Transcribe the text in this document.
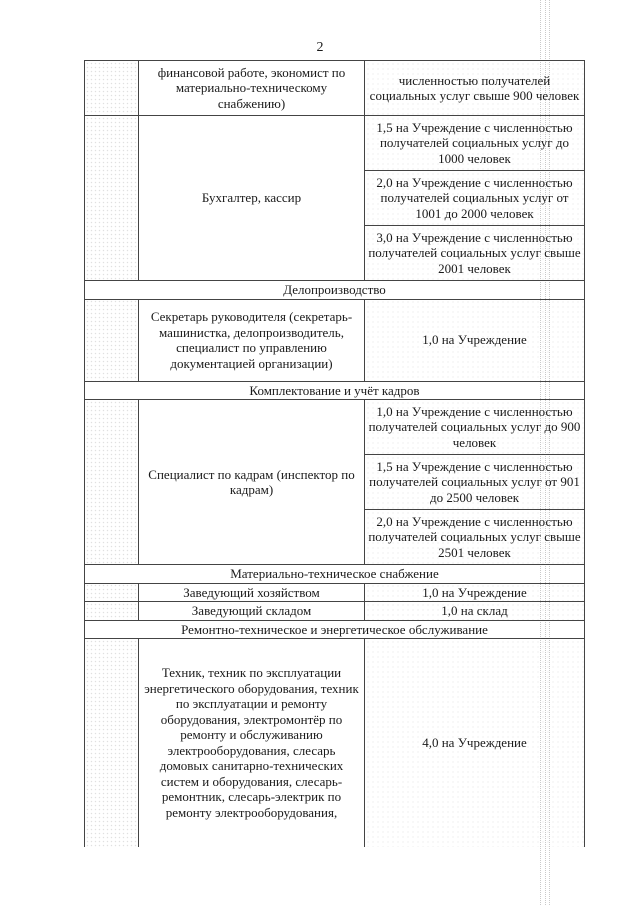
2
	финансовой работе, экономист по материально-техническому снабжению)	численностью получателей социальных услуг свыше 900 человек
	Бухгалтер, кассир	1,5 на Учреждение с численностью получателей социальных услуг до 1000 человек
		2,0 на Учреждение с численностью получателей социальных услуг от 1001 до 2000 человек
		3,0 на Учреждение с численностью получателей социальных услуг свыше 2001 человек
Делопроизводство		
	Секретарь руководителя (секретарь-машинистка, делопроизводитель, специалист по управлению документацией организации)	1,0 на Учреждение
Комплектование и учёт кадров		
	Специалист по кадрам (инспектор по кадрам)	1,0 на Учреждение с численностью получателей социальных услуг до 900 человек
		1,5 на Учреждение с численностью получателей социальных услуг от 901 до 2500 человек
		2,0 на Учреждение с численностью получателей социальных услуг свыше 2501 человек
Материально-техническое снабжение		
	Заведующий хозяйством	1,0 на Учреждение
	Заведующий складом	1,0 на склад
Ремонтно-техническое и энергетическое обслуживание		
	Техник, техник по эксплуатации энергетического оборудования, техник по эксплуатации и ремонту оборудования, электромонтёр по ремонту и обслуживанию электрооборудования, слесарь домовых санитарно-технических систем и оборудования, слесарь-ремонтник, слесарь-электрик по ремонту электрооборудования,	4,0 на Учреждение
